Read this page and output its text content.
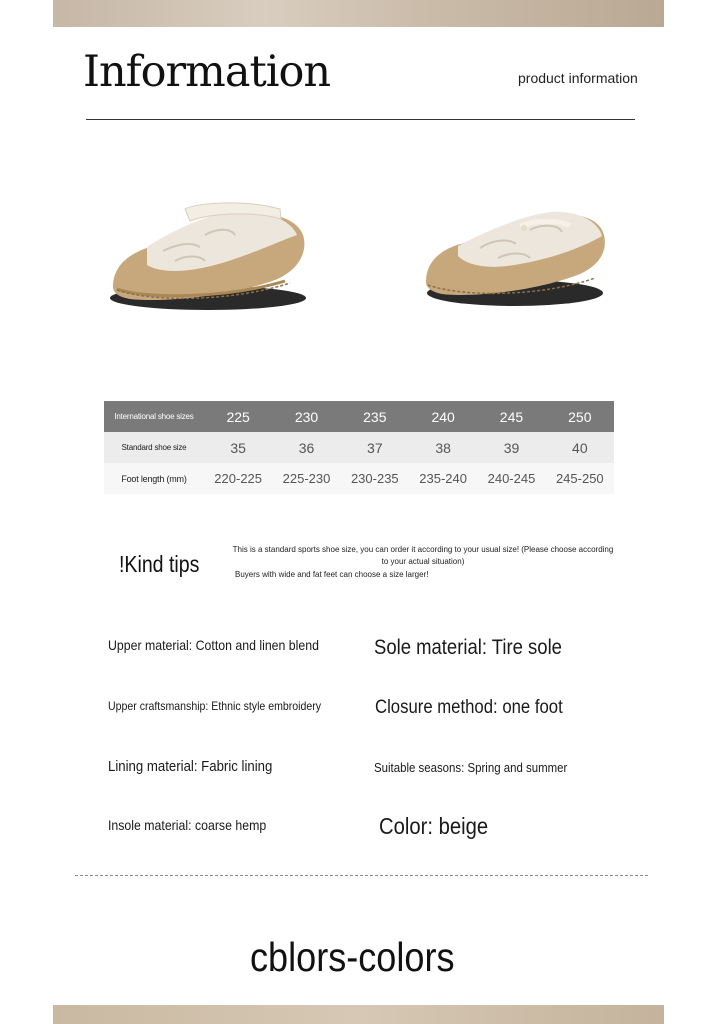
Information	product information
International shoe sizes	225	230	235	240	245	250
Standard shoe size	35	36	37	38	39	40
Foot length (mm)	220-225	225-230	230-235	235-240	240-245	245-250
!Kind tips
This is a standard sports shoe size, you can order it according to your usual size! (Please choose according to your actual situation)
Buyers with wide and fat feet can choose a size larger!
Upper material: Cotton and linen blend	Sole material: Tire sole
Upper craftsmanship: Ethnic style embroidery	Closure method: one foot
Lining material: Fabric lining	Suitable seasons: Spring and summer
Insole material: coarse hemp	Color: beige
cblors-colors
